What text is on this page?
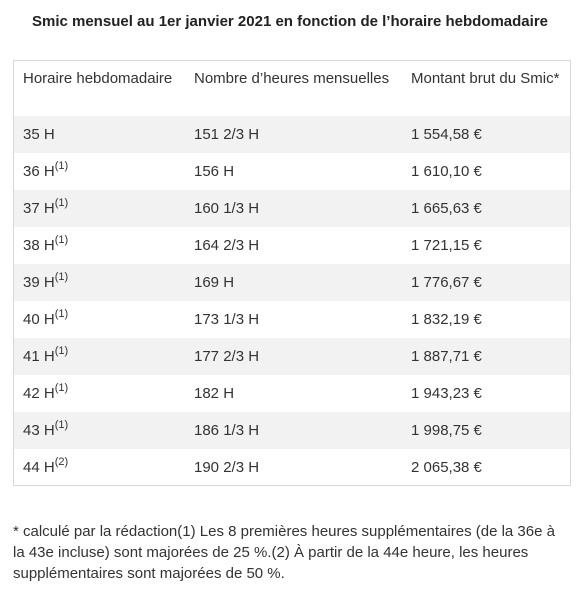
Smic mensuel au 1er janvier 2021 en fonction de l’horaire hebdomadaire
Horaire hebdomadaire	Nombre d’heures mensuelles	Montant brut du Smic*
35 H	151 2/3 H	1 554,58 €
36 $H^{(1)}$	156 H	1 610,10 €
37 $H^{(1)}$	160 1/3 H	1 665,63 €
38 $H^{(1)}$	164 2/3 H	1 721,15 €
39 $H^{(1)}$	169 H	1 776,67 €
40 $H^{(1)}$	173 1/3 H	1 832,19 €
41 $H^{(1)}$	177 2/3 H	1 887,71 €
42 $H^{(1)}$	182 H	1 943,23 €
43 $H^{(1)}$	186 1/3 H	1 998,75 €
44 $H^{(2)}$	190 2/3 H	2 065,38 €
* calculé par la rédaction(1) Les 8 premières heures supplémentaires (de la 36e à la 43e incluse) sont majorées de 25 %.(2) À partir de la 44e heure, les heures supplémentaires sont majorées de 50 %.
